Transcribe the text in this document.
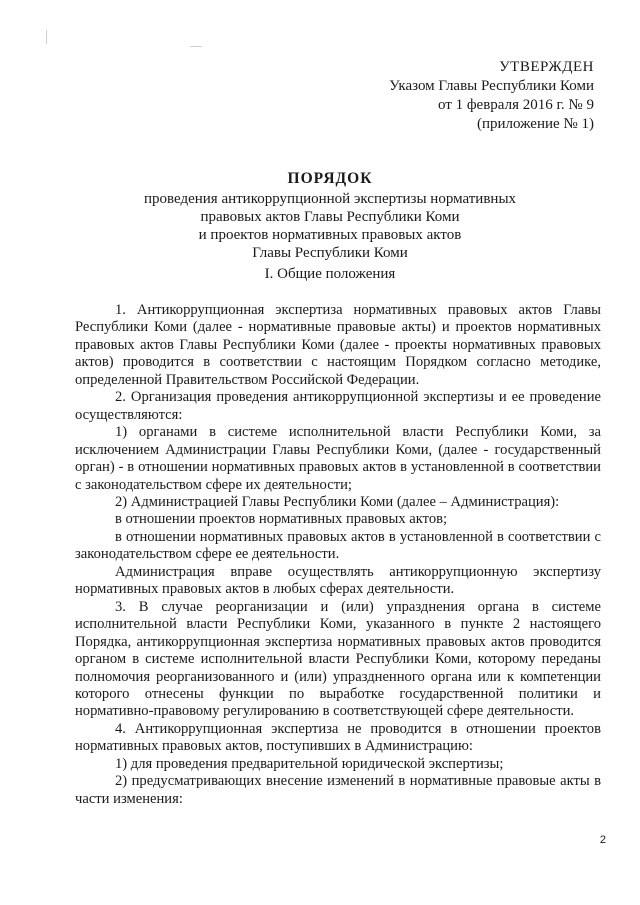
УТВЕРЖДЕН
Указом Главы Республики Коми
от 1 февраля 2016 г. № 9
(приложение № 1)
ПОРЯДОК
проведения антикоррупционной экспертизы нормативных
правовых актов Главы Республики Коми
и проектов нормативных правовых актов
Главы Республики Коми
I. Общие положения

1. Антикоррупционная экспертиза нормативных правовых актов Главы Республики Коми (далее - нормативные правовые акты) и проектов нормативных правовых актов Главы Республики Коми (далее - проекты нормативных правовых актов) проводится в соответствии с настоящим Порядком согласно методике, определенной Правительством Российской Федерации.

2. Организация проведения антикоррупционной экспертизы и ее проведение осуществляются:

1) органами в системе исполнительной власти Республики Коми, за исключением Администрации Главы Республики Коми, (далее - государственный орган) - в отношении нормативных правовых актов в установленной в соответствии с законодательством сфере их деятельности;

2) Администрацией Главы Республики Коми (далее – Администрация):

в отношении проектов нормативных правовых актов;

в отношении нормативных правовых актов в установленной в соответствии с законодательством сфере ее деятельности.

Администрация вправе осуществлять антикоррупционную экспертизу нормативных правовых актов в любых сферах деятельности.

3. В случае реорганизации и (или) упразднения органа в системе исполнительной власти Республики Коми, указанного в пункте 2 настоящего Порядка, антикоррупционная экспертиза нормативных правовых актов проводится органом в системе исполнительной власти Республики Коми, которому переданы полномочия реорганизованного и (или) упраздненного органа или к компетенции которого отнесены функции по выработке государственной политики и нормативно-правовому регулированию в соответствующей сфере деятельности.

4. Антикоррупционная экспертиза не проводится в отношении проектов нормативных правовых актов, поступивших в Администрацию:

1) для проведения предварительной юридической экспертизы;

2) предусматривающих внесение изменений в нормативные правовые акты в части изменения:

2
